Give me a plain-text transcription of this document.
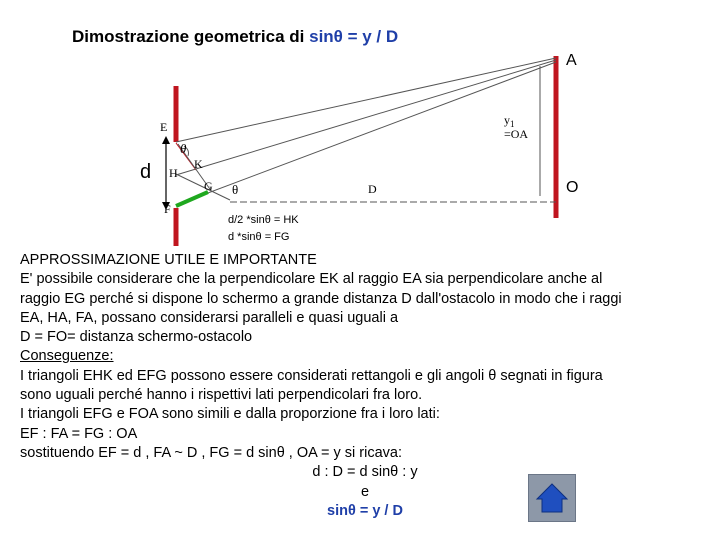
Dimostrazione geometrica di sinθ = y / D
A
O
E
F
H
K
G
d
D
θ
θ
$y_1$
=OA
d/2 *sinθ = HK
d *sinθ = FG
APPROSSIMAZIONE UTILE E IMPORTANTE
E' possibile considerare che la perpendicolare EK al raggio EA sia perpendicolare anche al
raggio EG perché si dispone lo schermo a grande distanza D dall'ostacolo in modo che i raggi
EA, HA, FA, possano considerarsi paralleli e quasi uguali a
D = FO= distanza schermo-ostacolo
Conseguenze:
I triangoli EHK ed EFG possono essere considerati rettangoli e gli angoli θ segnati in figura
sono uguali perché hanno i rispettivi lati perpendicolari fra loro.
I triangoli EFG e FOA sono simili e dalla proporzione fra i loro lati:
EF : FA = FG : OA
sostituendo EF = d , FA ~ D , FG = d sinθ , OA = y si ricava:
d : D = d sinθ : y
e
sinθ = y / D
